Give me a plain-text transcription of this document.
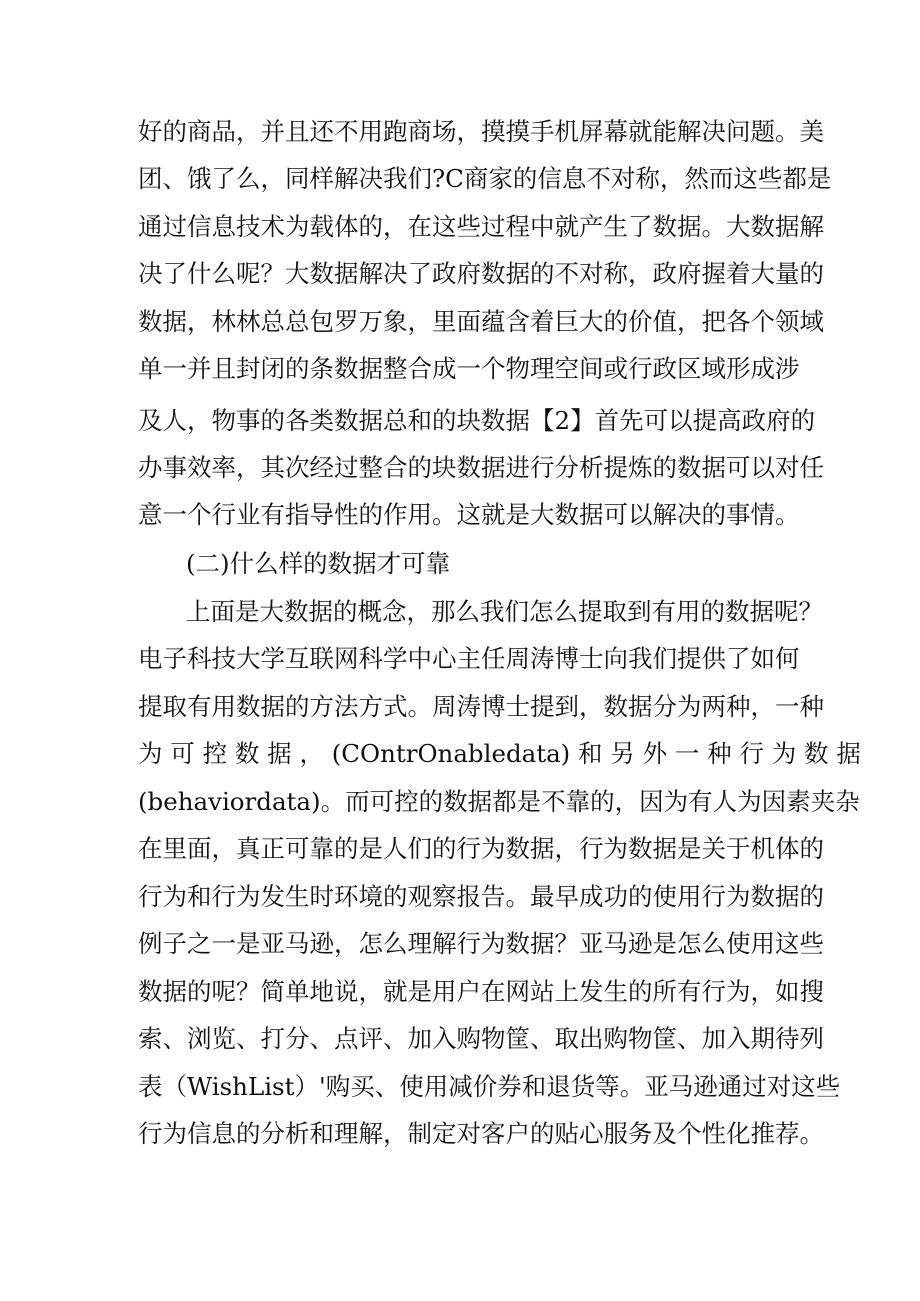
好的商品，并且还不用跑商场，摸摸手机屏幕就能解决问题。美
团、饿了么，同样解决我们?C商家的信息不对称，然而这些都是
通过信息技术为载体的，在这些过程中就产生了数据。大数据解
决了什么呢？大数据解决了政府数据的不对称，政府握着大量的
数据，林林总总包罗万象，里面蕴含着巨大的价值，把各个领域
单一并且封闭的条数据整合成一个物理空间或行政区域形成涉
及人，物事的各类数据总和的块数据【2】首先可以提高政府的
办事效率，其次经过整合的块数据进行分析提炼的数据可以对任
意一个行业有指导性的作用。这就是大数据可以解决的事情。
(二)什么样的数据才可靠
上面是大数据的概念，那么我们怎么提取到有用的数据呢？
电子科技大学互联网科学中心主任周涛博士向我们提供了如何
提取有用数据的方法方式。周涛博士提到，数据分为两种，一种
为 可 控 数 据 ， (COntrOnabledata) 和 另 外 一 种 行 为 数 据
(behaviordata)。而可控的数据都是不靠的，因为有人为因素夹杂
在里面，真正可靠的是人们的行为数据，行为数据是关于机体的
行为和行为发生时环境的观察报告。最早成功的使用行为数据的
例子之一是亚马逊，怎么理解行为数据？亚马逊是怎么使用这些
数据的呢？简单地说，就是用户在网站上发生的所有行为，如搜
索、浏览、打分、点评、加入购物筐、取出购物筐、加入期待列
表（WishList）'购买、使用减价券和退货等。亚马逊通过对这些
行为信息的分析和理解，制定对客户的贴心服务及个性化推荐。
